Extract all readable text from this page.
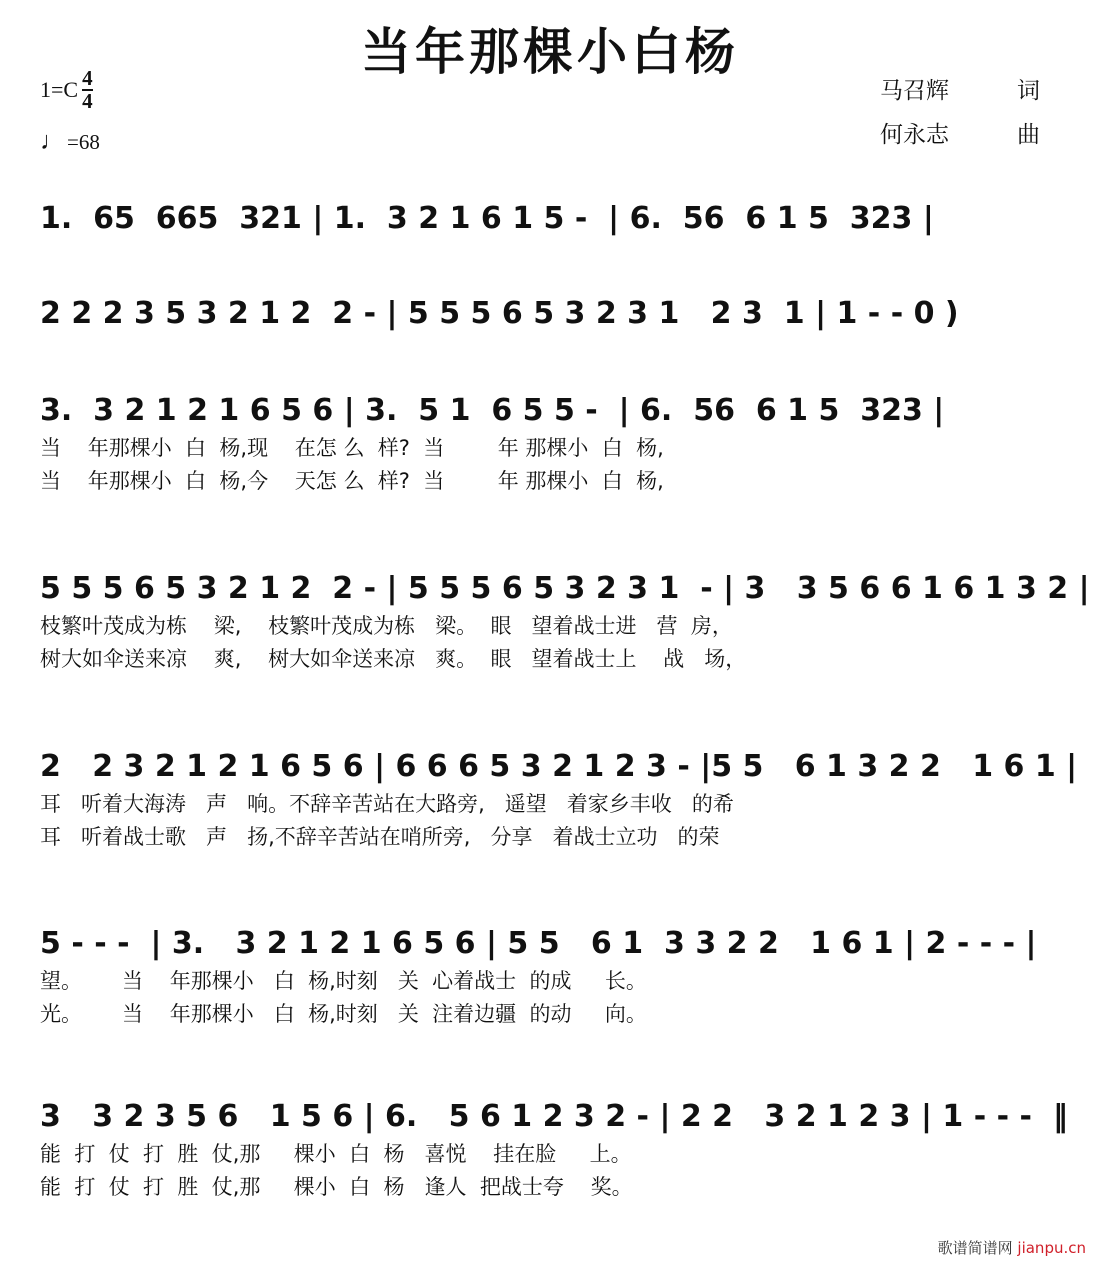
当年那棵小白杨
$1=C \frac{4}{4}$
♩ =68
马召辉	词
何永志	曲
1.  65  665  321 | 1.  3 2 1 6 1 5 -  | 6.  56  6 1 5  323 |
2 2 2 3 5 3 2 1 2  2 - | 5 5 5 6 5 3 2 3 1   2 3  1 | 1 - - 0 )
3.  3 2 1 2 1 6 5 6 | 3.  5 1  6 5 5 -  | 6.  56  6 1 5  323 |
当    年那棵小  白  杨,现    在怎 么  样?  当        年 那棵小  白  杨,
当    年那棵小  白  杨,今    天怎 么  样?  当        年 那棵小  白  杨,
5 5 5 6 5 3 2 1 2  2 - | 5 5 5 6 5 3 2 3 1  - | 3   3 5 6 6 1 6 1 3 2 |
枝繁叶茂成为栋    梁,    枝繁叶茂成为栋   梁。  眼   望着战士进   营  房，
树大如伞送来凉    爽,    树大如伞送来凉   爽。  眼   望着战士上    战   场，
2   2 3 2 1 2 1 6 5 6 | 6 6 6 5 3 2 1 2 3 - |5 5   6 1 3 2 2   1 6 1 |
耳   听着大海涛   声   响。不辞辛苦站在大路旁,   遥望   着家乡丰收   的希
耳   听着战士歌   声   扬,不辞辛苦站在哨所旁,   分享   着战士立功   的荣
5 - - -  | 3.   3 2 1 2 1 6 5 6 | 5 5   6 1  3 3 2 2   1 6 1 | 2 - - - |
望。      当    年那棵小   白  杨,时刻   关  心着战士  的成     长。
光。      当    年那棵小   白  杨,时刻   关  注着边疆  的动     向。
3   3 2 3 5 6   1 5 6 | 6.   5 6 1 2 3 2 - | 2 2   3 2 1 2 3 | 1 - - -  ‖
能  打  仗  打  胜  仗,那     棵小  白  杨   喜悦    挂在脸     上。
能  打  仗  打  胜  仗,那     棵小  白  杨   逢人  把战士夸    奖。
歌谱简谱网 jianpu.cn
